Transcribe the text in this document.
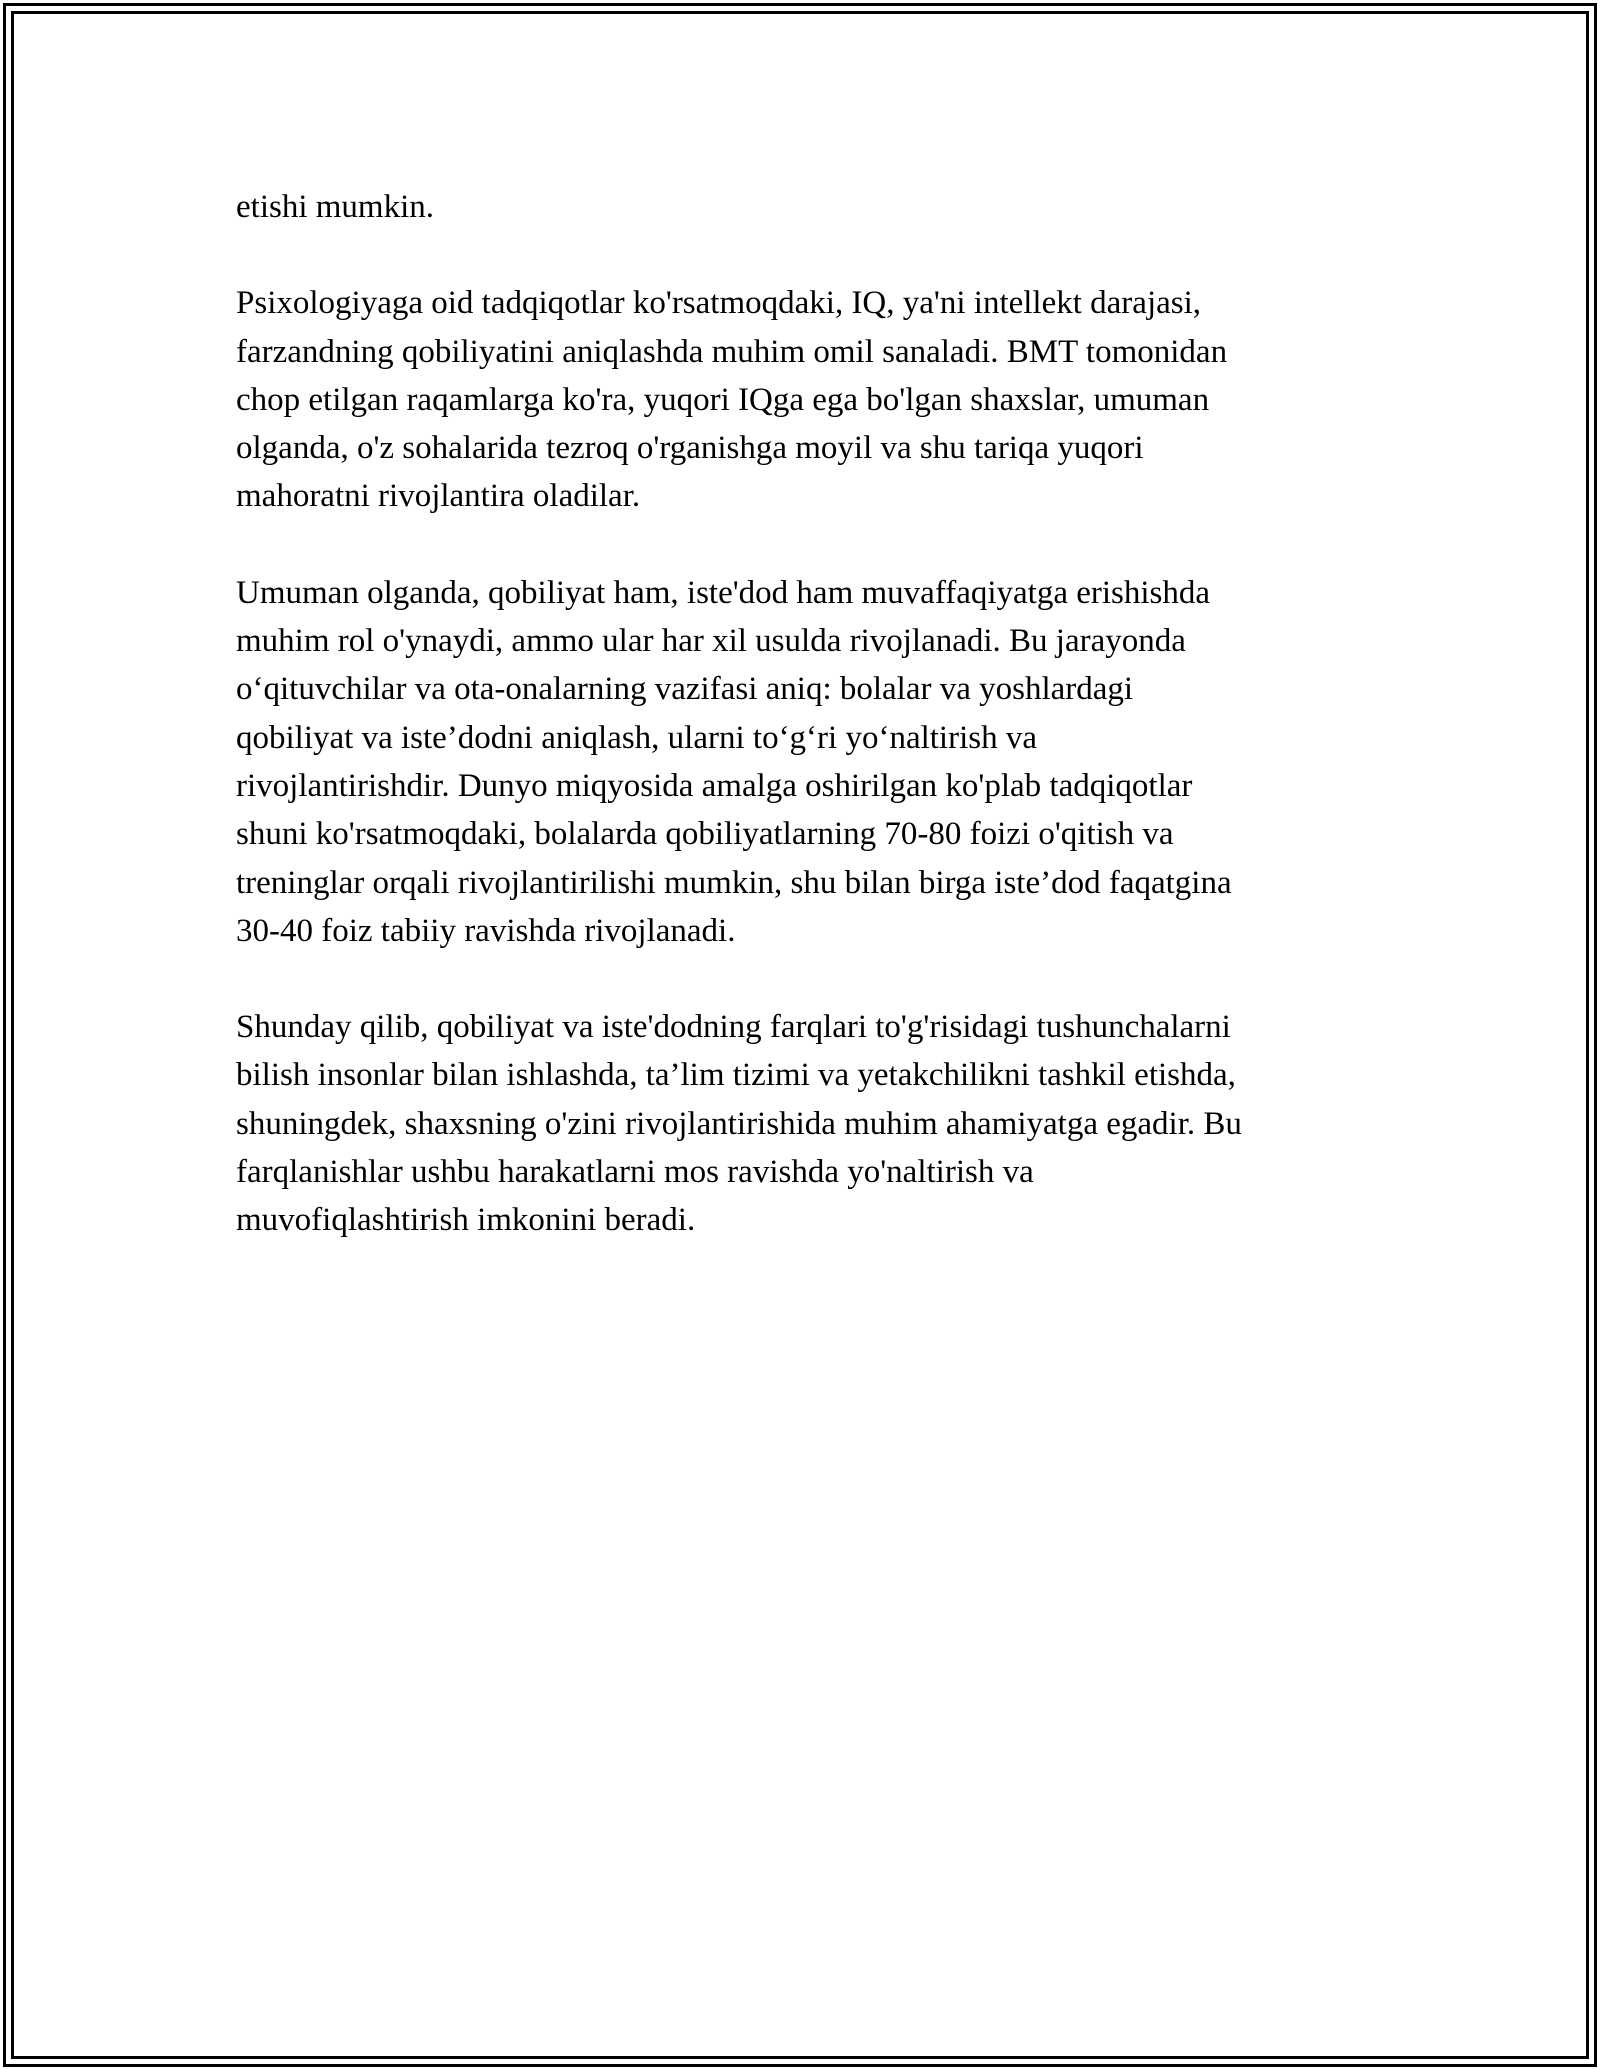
etishi mumkin.

Psixologiyaga oid tadqiqotlar ko'rsatmoqdaki, IQ, ya'ni intellekt darajasi,
farzandning qobiliyatini aniqlashda muhim omil sanaladi. BMT tomonidan
chop etilgan raqamlarga ko'ra, yuqori IQga ega bo'lgan shaxslar, umuman
olganda, o'z sohalarida tezroq o'rganishga moyil va shu tariqa yuqori
mahoratni rivojlantira oladilar.

Umuman olganda, qobiliyat ham, iste'dod ham muvaffaqiyatga erishishda
muhim rol o'ynaydi, ammo ular har xil usulda rivojlanadi. Bu jarayonda
o‘qituvchilar va ota-onalarning vazifasi aniq: bolalar va yoshlardagi
qobiliyat va iste’dodni aniqlash, ularni to‘g‘ri yo‘naltirish va
rivojlantirishdir. Dunyo miqyosida amalga oshirilgan ko'plab tadqiqotlar
shuni ko'rsatmoqdaki, bolalarda qobiliyatlarning 70-80 foizi o'qitish va
treninglar orqali rivojlantirilishi mumkin, shu bilan birga iste’dod faqatgina
30-40 foiz tabiiy ravishda rivojlanadi.

Shunday qilib, qobiliyat va iste'dodning farqlari to'g'risidagi tushunchalarni
bilish insonlar bilan ishlashda, ta’lim tizimi va yetakchilikni tashkil etishda,
shuningdek, shaxsning o'zini rivojlantirishida muhim ahamiyatga egadir. Bu
farqlanishlar ushbu harakatlarni mos ravishda yo'naltirish va
muvofiqlashtirish imkonini beradi.
